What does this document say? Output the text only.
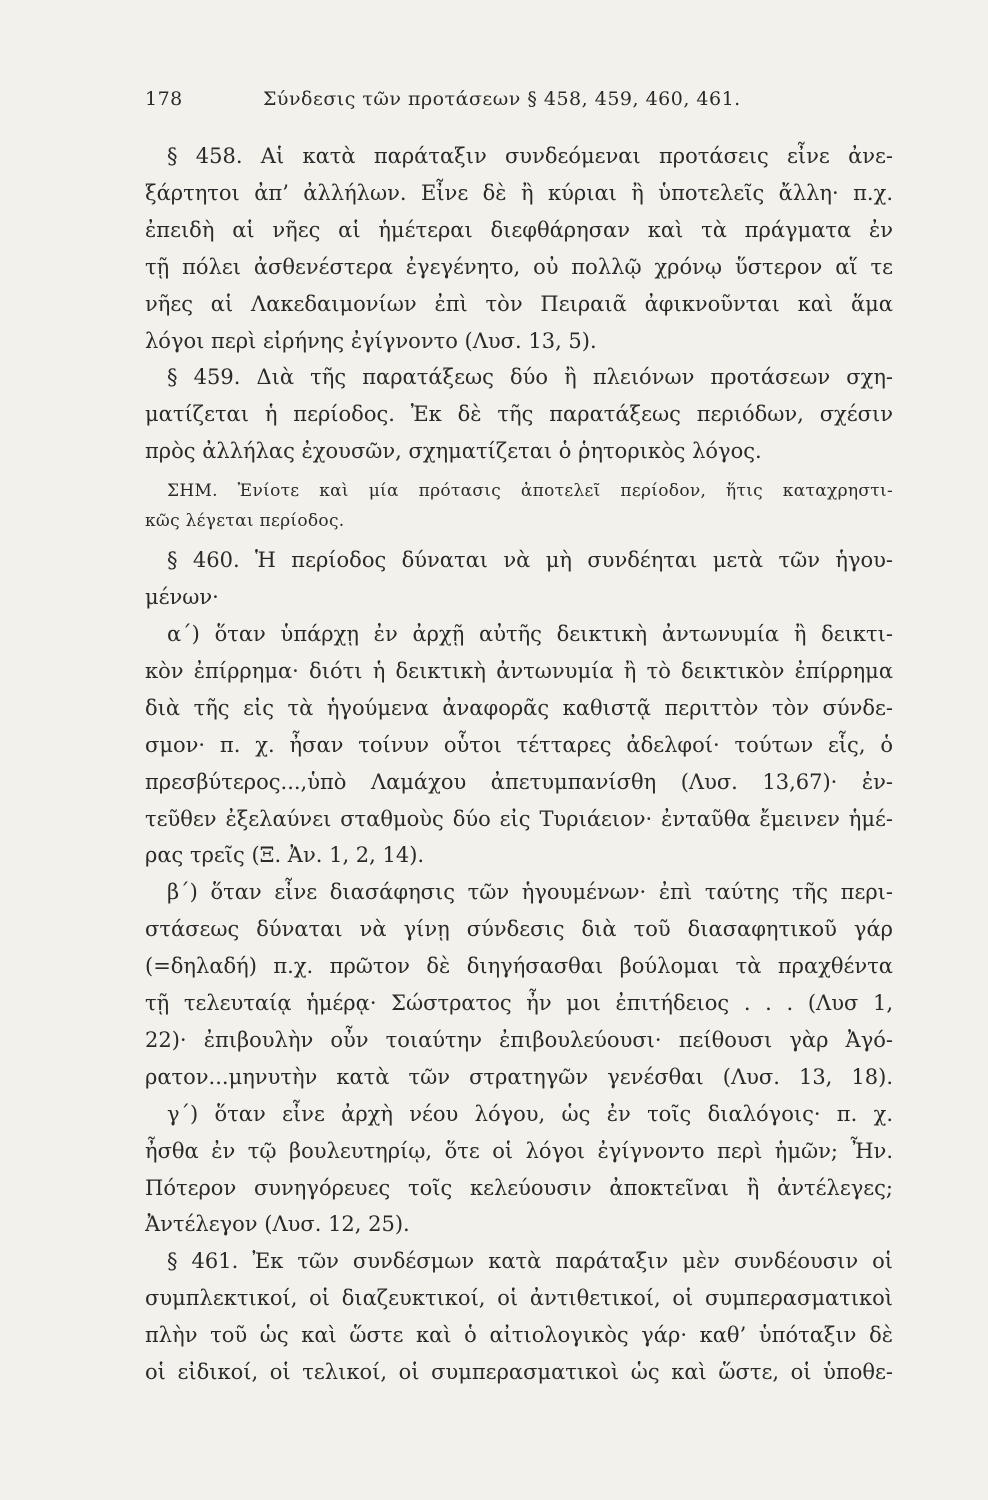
178	Σύνδεσις τῶν προτάσεων § 458, 459, 460, 461.
§ 458. Αἱ κατὰ παράταξιν συνδεόμεναι προτάσεις εἶνε ἀνε-
ξάρτητοι ἀπ’ ἀλλήλων. Εἶνε δὲ ἢ κύριαι ἢ ὑποτελεῖς ἄλλη· π.χ.
ἐπειδὴ αἱ νῆες αἱ ἡμέτεραι διεφθάρησαν καὶ τὰ πράγματα ἐν
τῇ πόλει ἀσθενέστερα ἐγεγένητο, οὐ πολλῷ χρόνῳ ὕστερον αἵ τε
νῆες αἱ Λακεδαιμονίων ἐπὶ τὸν Πειραιᾶ ἀφικνοῦνται καὶ ἅμα
λόγοι περὶ εἰρήνης ἐγίγνοντο (Λυσ. 13, 5).
§ 459. Διὰ τῆς παρατάξεως δύο ἢ πλειόνων προτάσεων σχη-
ματίζεται ἡ περίοδος. Ἐκ δὲ τῆς παρατάξεως περιόδων, σχέσιν
πρὸς ἀλλήλας ἐχουσῶν, σχηματίζεται ὁ ῥητορικὸς λόγος.
ΣΗΜ. Ἐνίοτε καὶ μία πρότασις ἀποτελεῖ περίοδον, ἥτις καταχρηστι-
κῶς λέγεται περίοδος.
§ 460. Ἡ περίοδος δύναται νὰ μὴ συνδέηται μετὰ τῶν ἡγου-
μένων·
α΄) ὅταν ὑπάρχῃ ἐν ἀρχῇ αὐτῆς δεικτικὴ ἀντωνυμία ἢ δεικτι-
κὸν ἐπίρρημα· διότι ἡ δεικτικὴ ἀντωνυμία ἢ τὸ δεικτικὸν ἐπίρρημα
διὰ τῆς εἰς τὰ ἡγούμενα ἀναφορᾶς καθιστᾷ περιττὸν τὸν σύνδε-
σμον· π. χ. ἦσαν τοίνυν οὗτοι τέτταρες ἀδελφοί· τούτων εἷς, ὁ
πρεσβύτερος...,ὑπὸ Λαμάχου ἀπετυμπανίσθη (Λυσ. 13,67)· ἐν-
τεῦθεν ἐξελαύνει σταθμοὺς δύο εἰς Τυριάειον· ἐνταῦθα ἔμεινεν ἡμέ-
ρας τρεῖς (Ξ. Ἀν. 1, 2, 14).
β΄) ὅταν εἶνε διασάφησις τῶν ἡγουμένων· ἐπὶ ταύτης τῆς περι-
στάσεως δύναται νὰ γίνῃ σύνδεσις διὰ τοῦ διασαφητικοῦ γάρ
(=δηλαδή) π.χ. πρῶτον δὲ διηγήσασθαι βούλομαι τὰ πραχθέντα
τῇ τελευταίᾳ ἡμέρᾳ· Σώστρατος ἦν μοι ἐπιτήδειος . . . (Λυσ 1,
22)· ἐπιβουλὴν οὖν τοιαύτην ἐπιβουλεύουσι· πείθουσι γὰρ Ἀγό-
ρατον...μηνυτὴν κατὰ τῶν στρατηγῶν γενέσθαι (Λυσ. 13, 18).
γ΄) ὅταν εἶνε ἀρχὴ νέου λόγου, ὡς ἐν τοῖς διαλόγοις· π. χ.
ἦσθα ἐν τῷ βουλευτηρίῳ, ὅτε οἱ λόγοι ἐγίγνοντο περὶ ἡμῶν; Ἦν.
Πότερον συνηγόρευες τοῖς κελεύουσιν ἀποκτεῖναι ἢ ἀντέλεγες;
Ἀντέλεγον (Λυσ. 12, 25).
§ 461. Ἐκ τῶν συνδέσμων κατὰ παράταξιν μὲν συνδέουσιν οἱ
συμπλεκτικοί, οἱ διαζευκτικοί, οἱ ἀντιθετικοί, οἱ συμπερασματικοὶ
πλὴν τοῦ ὡς καὶ ὥστε καὶ ὁ αἰτιολογικὸς γάρ· καθ’ ὑπόταξιν δὲ
οἱ εἰδικοί, οἱ τελικοί, οἱ συμπερασματικοὶ ὡς καὶ ὥστε, οἱ ὑποθε-
